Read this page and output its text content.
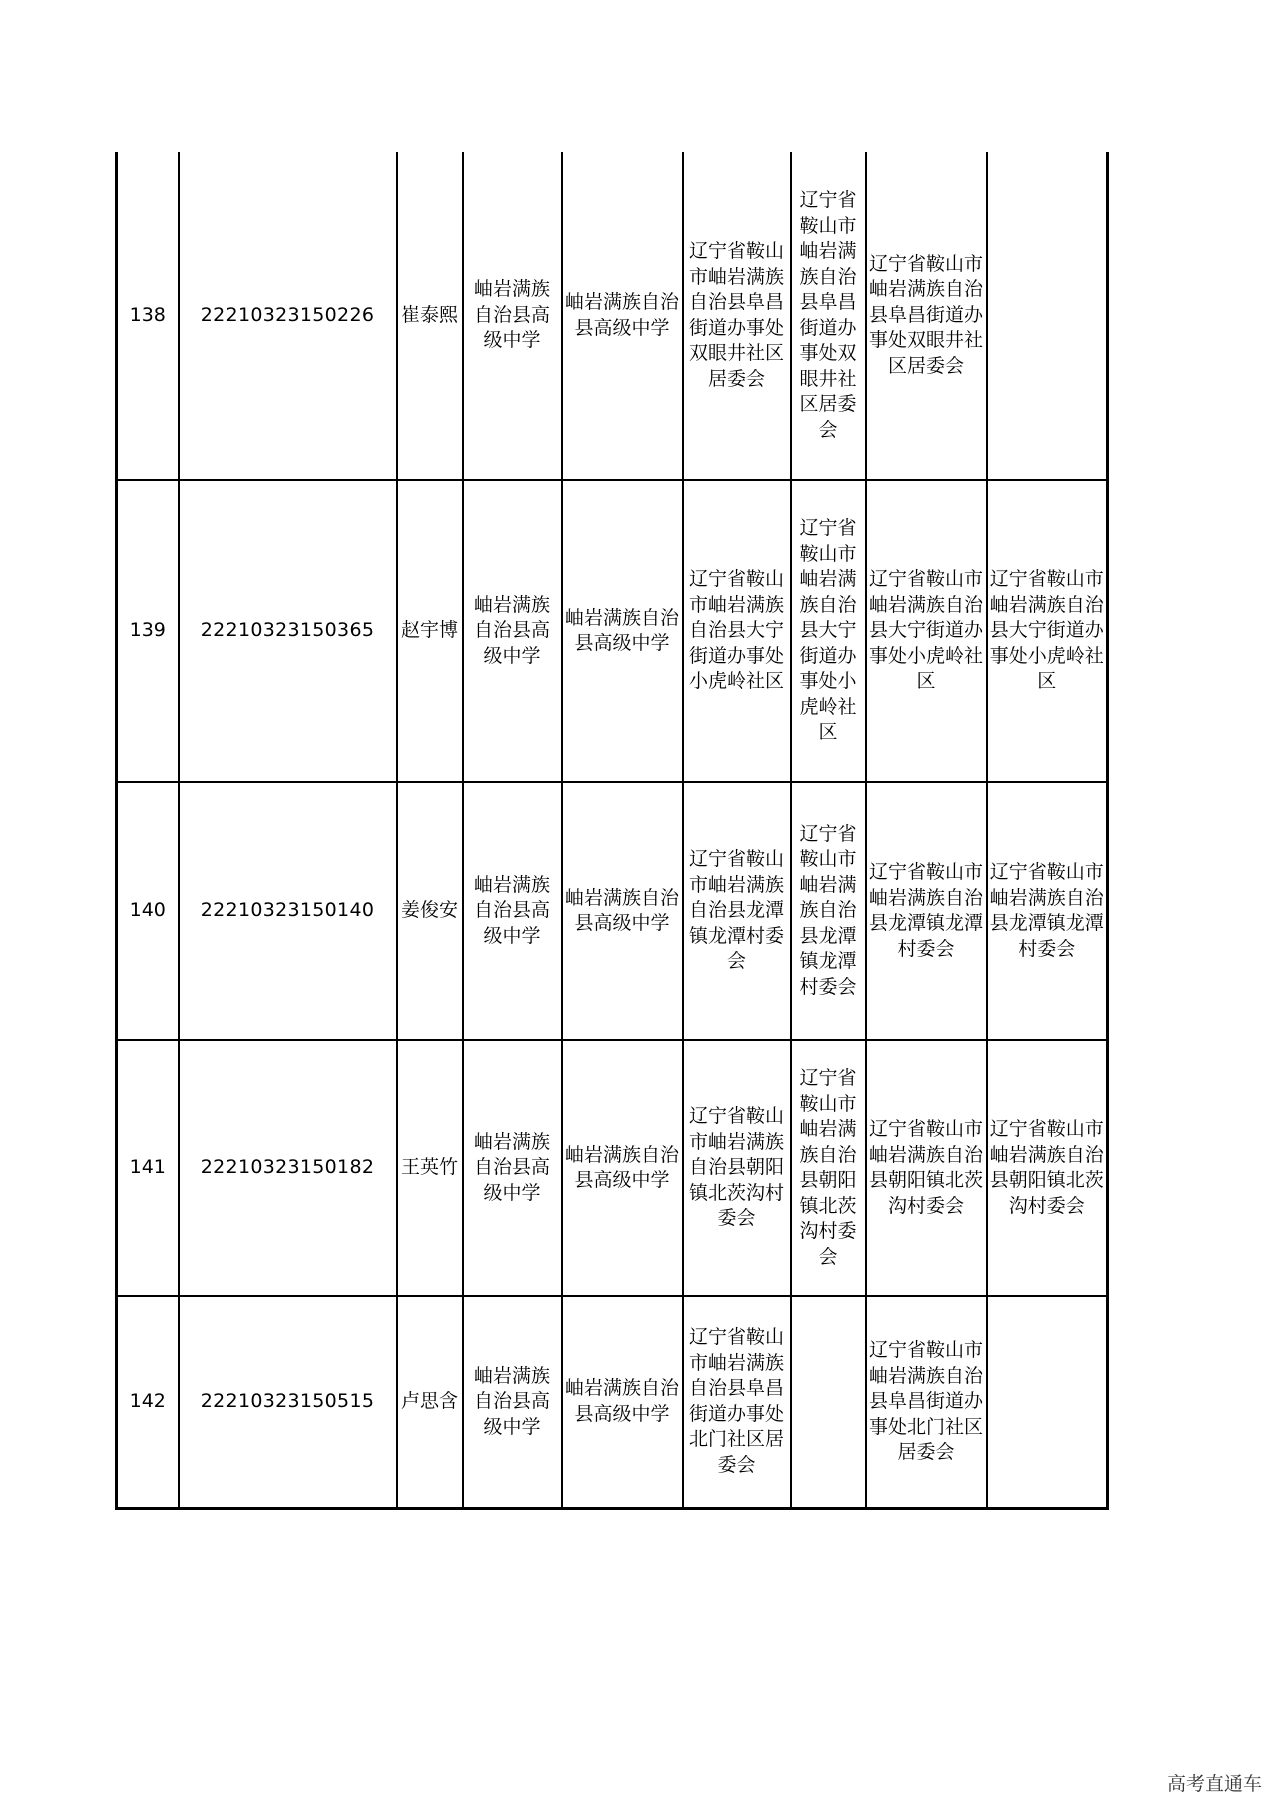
138	22210323150226	崔泰熙	岫岩满族自治县高级中学	岫岩满族自治县高级中学	辽宁省鞍山市岫岩满族自治县阜昌街道办事处双眼井社区居委会	辽宁省鞍山市岫岩满族自治县阜昌街道办事处双眼井社区居委会	辽宁省鞍山市岫岩满族自治县阜昌街道办事处双眼井社区居委会	
139	22210323150365	赵宇博	岫岩满族自治县高级中学	岫岩满族自治县高级中学	辽宁省鞍山市岫岩满族自治县大宁街道办事处小虎岭社区	辽宁省鞍山市岫岩满族自治县大宁街道办事处小虎岭社区	辽宁省鞍山市岫岩满族自治县大宁街道办事处小虎岭社区	辽宁省鞍山市岫岩满族自治县大宁街道办事处小虎岭社区
140	22210323150140	姜俊安	岫岩满族自治县高级中学	岫岩满族自治县高级中学	辽宁省鞍山市岫岩满族自治县龙潭镇龙潭村委会	辽宁省鞍山市岫岩满族自治县龙潭镇龙潭村委会	辽宁省鞍山市岫岩满族自治县龙潭镇龙潭村委会	辽宁省鞍山市岫岩满族自治县龙潭镇龙潭村委会
141	22210323150182	王英竹	岫岩满族自治县高级中学	岫岩满族自治县高级中学	辽宁省鞍山市岫岩满族自治县朝阳镇北茨沟村委会	辽宁省鞍山市岫岩满族自治县朝阳镇北茨沟村委会	辽宁省鞍山市岫岩满族自治县朝阳镇北茨沟村委会	辽宁省鞍山市岫岩满族自治县朝阳镇北茨沟村委会
142	22210323150515	卢思含	岫岩满族自治县高级中学	岫岩满族自治县高级中学	辽宁省鞍山市岫岩满族自治县阜昌街道办事处北门社区居委会		辽宁省鞍山市岫岩满族自治县阜昌街道办事处北门社区居委会	
高考直通车
